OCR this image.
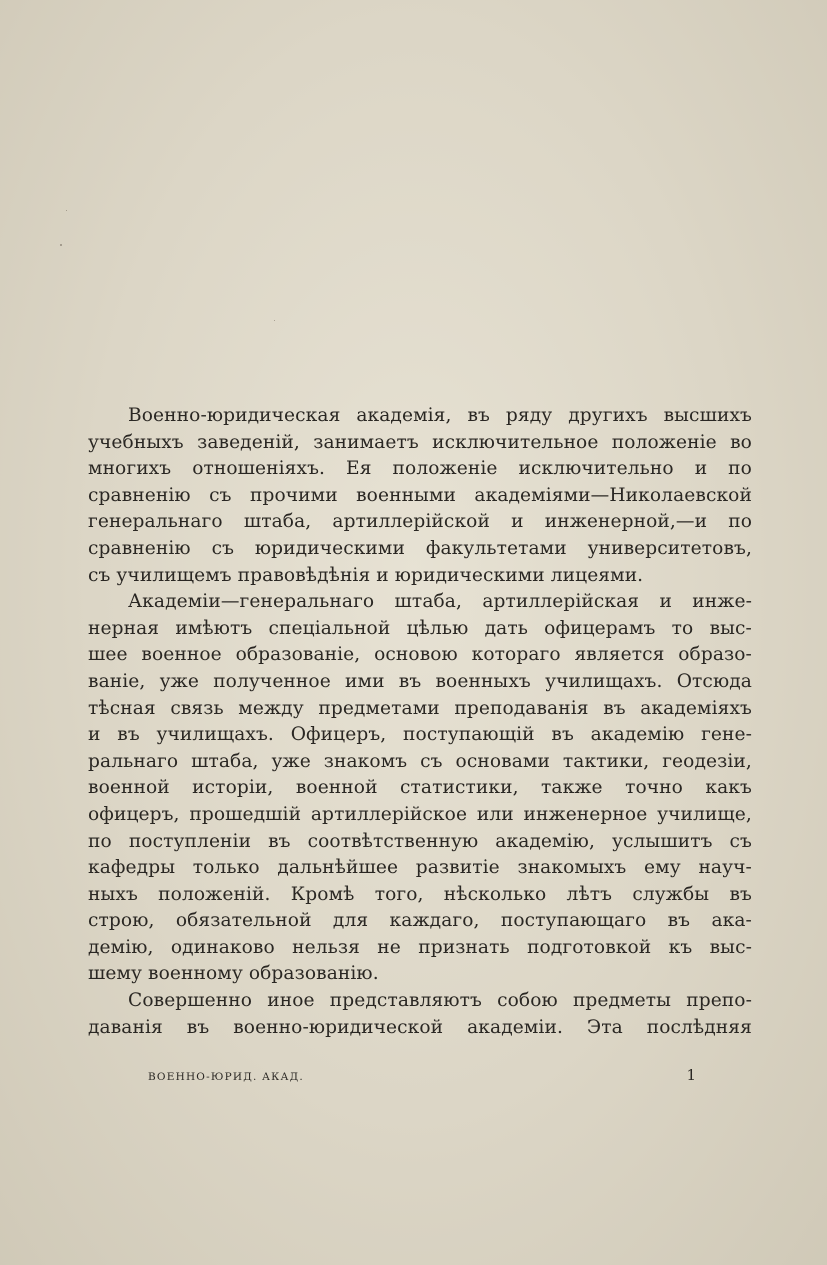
Военно-юридическая академія, въ ряду другихъ высшихъ
учебныхъ заведеній, занимаетъ исключительное положеніе во
многихъ отношеніяхъ. Ея положеніе исключительно и по
сравненію съ прочими военными академіями—Николаевской
генеральнаго штаба, артиллерійской и инженерной,—и по
сравненію съ юридическими факультетами университетовъ,
съ училищемъ правовѣдѣнія и юридическими лицеями.
Академіи—генеральнаго штаба, артиллерійская и инже-
нерная имѣютъ спеціальной цѣлью дать офицерамъ то выс-
шее военное образованіе, основою котораго является образо-
ваніе, уже полученное ими въ военныхъ училищахъ. Отсюда
тѣсная связь между предметами преподаванія въ академіяхъ
и въ училищахъ. Офицеръ, поступающій въ академію гене-
ральнаго штаба, уже знакомъ съ основами тактики, геодезіи,
военной исторіи, военной статистики, также точно какъ
офицеръ, прошедшій артиллерійское или инженерное училище,
по поступленіи въ соотвѣтственную академію, услышитъ съ
кафедры только дальнѣйшее развитіе знакомыхъ ему науч-
ныхъ положеній. Кромѣ того, нѣсколько лѣтъ службы въ
строю, обязательной для каждаго, поступающаго въ ака-
демію, одинаково нельзя не признать подготовкой къ выс-
шему военному образованію.
Совершенно иное представляютъ собою предметы препо-
даванія въ военно-юридической академіи. Эта послѣдняя
ВОЕННО-ЮРИД. АКАД.	1
